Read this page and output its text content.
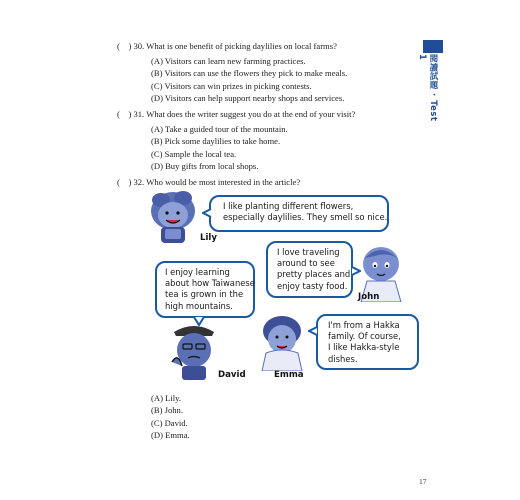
閱讀試題 · Test 1
(    ) 30. What is one benefit of picking daylilies on local farms?
(A) Visitors can learn new farming practices.
(B) Visitors can use the flowers they pick to make meals.
(C) Visitors can win prizes in picking contests.
(D) Visitors can help support nearby shops and services.
(    ) 31. What does the writer suggest you do at the end of your visit?
(A) Take a guided tour of the mountain.
(B) Pick some daylilies to take home.
(C) Sample the local tea.
(D) Buy gifts from local shops.
(    ) 32. Who would be most interested in the article?
Lily
I like planting different flowers,
especially daylilies. They smell so nice.
I love traveling
around to see
pretty places and
enjoy tasty food.
John
I enjoy learning
about how Taiwanese
tea is grown in the
high mountains.
David	Emma
I'm from a Hakka
family. Of course,
I like Hakka-style
dishes.
(A) Lily.
(B) John.
(C) David.
(D) Emma.
17
